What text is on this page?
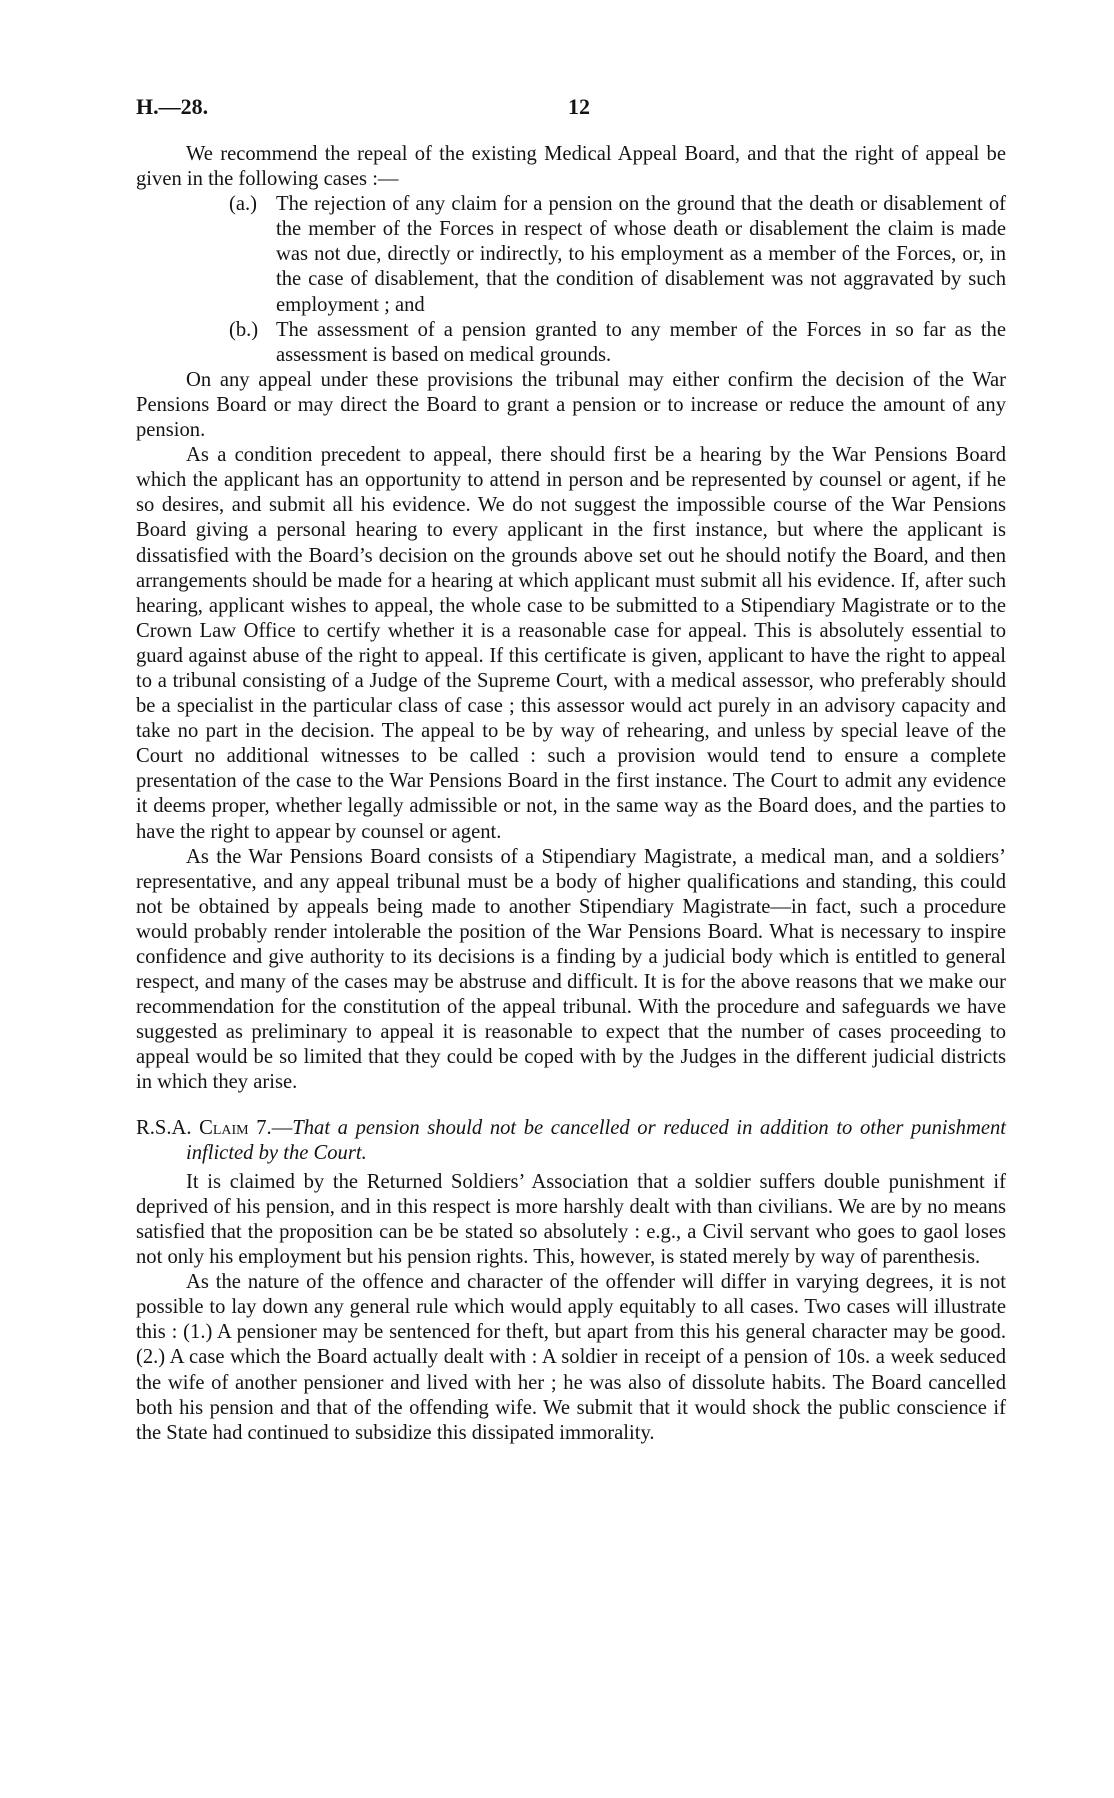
H.—28.	12

We recommend the repeal of the existing Medical Appeal Board, and that the right of appeal be given in the following cases :—

(a.) The rejection of any claim for a pension on the ground that the death or disablement of the member of the Forces in respect of whose death or disablement the claim is made was not due, directly or indirectly, to his employment as a member of the Forces, or, in the case of disablement, that the condition of disablement was not aggravated by such employment ; and

(b.) The assessment of a pension granted to any member of the Forces in so far as the assessment is based on medical grounds.

On any appeal under these provisions the tribunal may either confirm the decision of the War Pensions Board or may direct the Board to grant a pension or to increase or reduce the amount of any pension.

As a condition precedent to appeal, there should first be a hearing by the War Pensions Board which the applicant has an opportunity to attend in person and be represented by counsel or agent, if he so desires, and submit all his evidence. We do not suggest the impossible course of the War Pensions Board giving a personal hearing to every applicant in the first instance, but where the applicant is dissatisfied with the Board’s decision on the grounds above set out he should notify the Board, and then arrangements should be made for a hearing at which applicant must submit all his evidence. If, after such hearing, applicant wishes to appeal, the whole case to be submitted to a Stipendiary Magistrate or to the Crown Law Office to certify whether it is a reasonable case for appeal. This is absolutely essential to guard against abuse of the right to appeal. If this certificate is given, applicant to have the right to appeal to a tribunal consisting of a Judge of the Supreme Court, with a medical assessor, who preferably should be a specialist in the particular class of case ; this assessor would act purely in an advisory capacity and take no part in the decision. The appeal to be by way of rehearing, and unless by special leave of the Court no additional witnesses to be called : such a provision would tend to ensure a complete presentation of the case to the War Pensions Board in the first instance. The Court to admit any evidence it deems proper, whether legally admissible or not, in the same way as the Board does, and the parties to have the right to appear by counsel or agent.

As the War Pensions Board consists of a Stipendiary Magistrate, a medical man, and a soldiers’ representative, and any appeal tribunal must be a body of higher qualifications and standing, this could not be obtained by appeals being made to another Stipendiary Magistrate—in fact, such a procedure would probably render intolerable the position of the War Pensions Board. What is necessary to inspire confidence and give authority to its decisions is a finding by a judicial body which is entitled to general respect, and many of the cases may be abstruse and difficult. It is for the above reasons that we make our recommendation for the constitution of the appeal tribunal. With the procedure and safeguards we have suggested as preliminary to appeal it is reasonable to expect that the number of cases proceeding to appeal would be so limited that they could be coped with by the Judges in the different judicial districts in which they arise.

R.S.A. Claim 7.—That a pension should not be cancelled or reduced in addition to other punishment inflicted by the Court.

It is claimed by the Returned Soldiers’ Association that a soldier suffers double punishment if deprived of his pension, and in this respect is more harshly dealt with than civilians. We are by no means satisfied that the proposition can be be stated so absolutely : e.g., a Civil servant who goes to gaol loses not only his employment but his pension rights. This, however, is stated merely by way of parenthesis.

As the nature of the offence and character of the offender will differ in varying degrees, it is not possible to lay down any general rule which would apply equitably to all cases. Two cases will illustrate this : (1.) A pensioner may be sentenced for theft, but apart from this his general character may be good. (2.) A case which the Board actually dealt with : A soldier in receipt of a pension of 10s. a week seduced the wife of another pensioner and lived with her ; he was also of dissolute habits. The Board cancelled both his pension and that of the offending wife. We submit that it would shock the public conscience if the State had continued to subsidize this dissipated immorality.
